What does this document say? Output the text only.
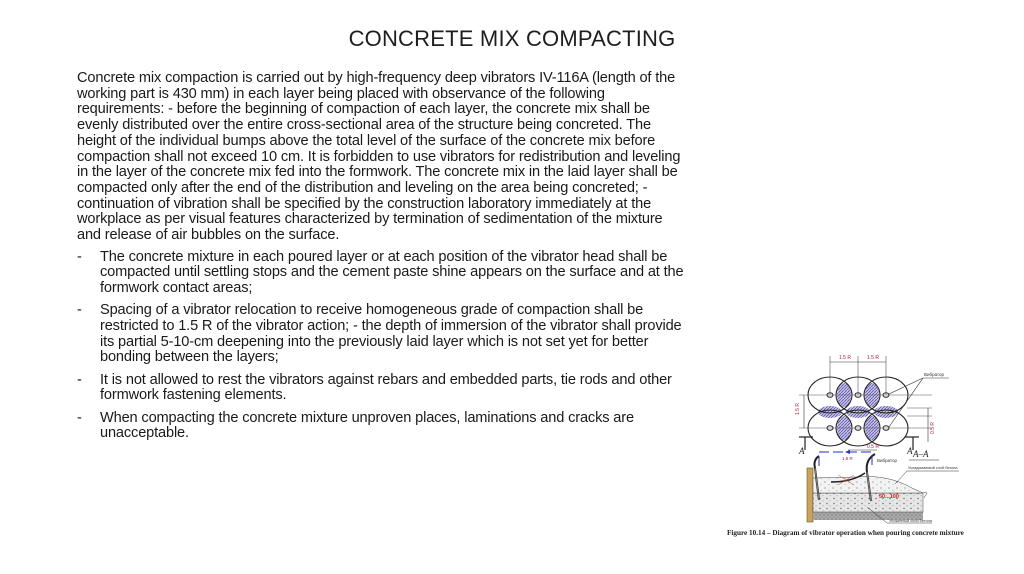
CONCRETE MIX COMPACTING

Concrete mix compaction is carried out by high-frequency deep vibrators IV-116A (length of the working part is 430 mm) in each layer being placed with observance of the following requirements: - before the beginning of compaction of each layer, the concrete mix shall be evenly distributed over the entire cross-sectional area of the structure being concreted. The height of the individual bumps above the total level of the surface of the concrete mix before compaction shall not exceed 10 cm. It is forbidden to use vibrators for redistribution and leveling in the layer of the concrete mix fed into the formwork. The concrete mix in the laid layer shall be compacted only after the end of the distribution and leveling on the area being concreted; - continuation of vibration shall be specified by the construction laboratory immediately at the workplace as per visual features characterized by termination of sedimentation of the mixture and release of air bubbles on the surface.

- The concrete mixture in each poured layer or at each position of the vibrator head shall be compacted until settling stops and the cement paste shine appears on the surface and at the formwork contact areas;
- Spacing of a vibrator relocation to receive homogeneous grade of compaction shall be restricted to 1.5 R of the vibrator action; - the depth of immersion of the vibrator shall provide its partial 5-10-cm deepening into the previously laid layer which is not set yet for better bonding between the layers;
- It is not allowed to rest the vibrators against rebars and embedded parts, tie rods and other formwork fastening elements.
- When compacting the concrete mixture unproven places, laminations and cracks are unacceptable.
1.5 R	1.5 R
0.5 R
1.5 R
0.5 R
Вибратор
A	A A–A
1.5 R	Вибратор
Укладываемый слой бетона
Уложенный слой бетона
50...100
Figure 10.14 – Diagram of vibrator operation when pouring concrete mixture
